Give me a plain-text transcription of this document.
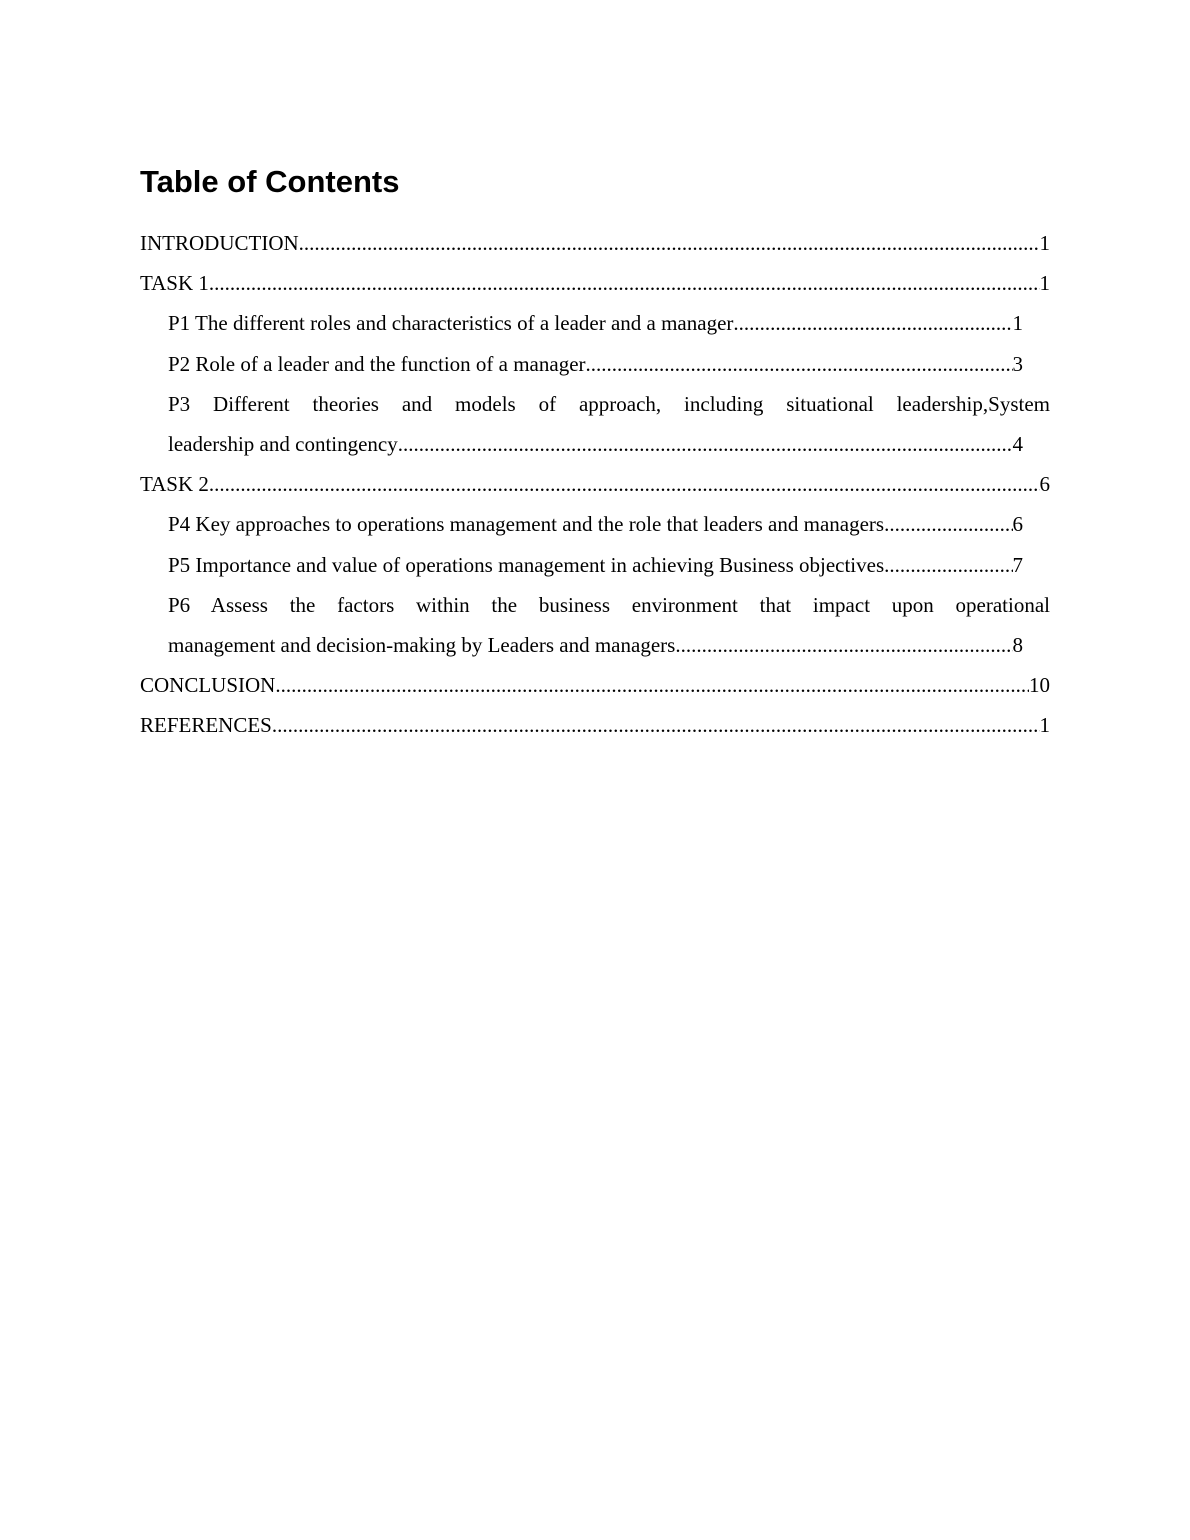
Table of Contents
INTRODUCTION .....	1
TASK 1 .....	1
P1 The different roles and characteristics of a leader and a manager .....	1
P2 Role of a leader and the function of a manager .....	3
P3 Different theories and models of approach, including situational leadership,System
leadership and contingency .....	4
TASK 2 .....	6
P4 Key approaches to operations management and the role that leaders and managers .....	6
P5 Importance and value of operations management in achieving Business objectives .....	7
P6 Assess the factors within the business environment that impact upon operational
management and decision-making by Leaders and managers .....	8
CONCLUSION .....	10
REFERENCES .....	1
